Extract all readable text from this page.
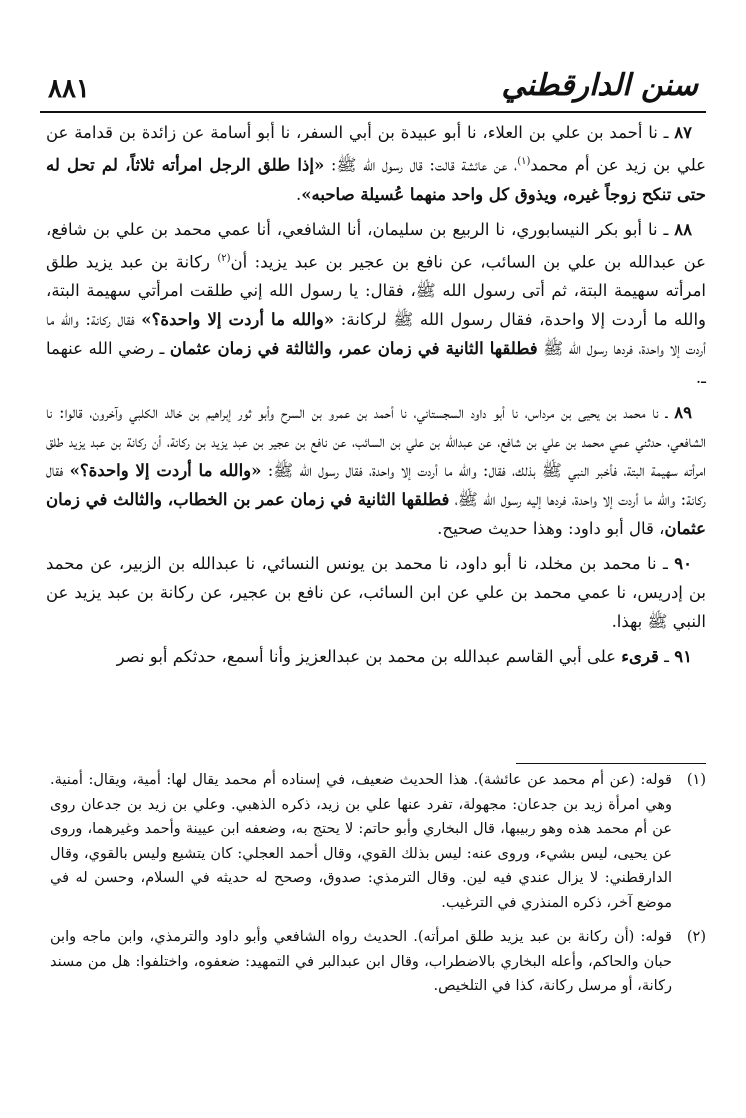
٨٨١	سنن الدارقطني

٨٧ ـ نا أحمد بن علي بن العلاء، نا أبو عبيدة بن أبي السفر، نا أبو أسامة عن زائدة بن قدامة عن علي بن زيد عن أم محمد$^{(١)}$، عن عائشة قالت: قال رسول الله ﷺ: «إذا طلق الرجل امرأته ثلاثاً، لم تحل له حتى تنكح زوجاً غيره، ويذوق كل واحد منهما عُسيلة صاحبه».

٨٨ ـ نا أبو بكر النيسابوري، نا الربيع بن سليمان، أنا الشافعي، أنا عمي محمد بن علي بن شافع، عن عبدالله بن علي بن السائب، عن نافع بن عجير بن عبد يزيد: أن$^{(٢)}$ ركانة بن عبد يزيد طلق امرأته سهيمة البتة، ثم أتى رسول الله ﷺ، فقال: يا رسول الله إني طلقت امرأتي سهيمة البتة، والله ما أردت إلا واحدة، فقال رسول الله ﷺ لركانة: «والله ما أردت إلا واحدة؟» فقال ركانة: والله ما أردت إلا واحدة، فردها رسول الله ﷺ فطلقها الثانية في زمان عمر، والثالثة في زمان عثمان ـ رضي الله عنهما ـ.

٨٩ ـ نا محمد بن يحيى بن مرداس، نا أبو داود السجستاني، نا أحمد بن عمرو بن السرح وأبو ثور إبراهيم بن خالد الكلبي وآخرون، قالوا: نا الشافعي، حدثني عمي محمد بن علي بن شافع، عن عبدالله بن علي بن السائب، عن نافع بن عجير بن عبد يزيد بن ركانة، أن ركانة بن عبد يزيد طلق امرأته سهيمة البتة، فأخبر النبي ﷺ بذلك، فقال: والله ما أردت إلا واحدة، فقال رسول الله ﷺ: «والله ما أردت إلا واحدة؟» فقال ركانة: والله ما أردت إلا واحدة، فردها إليه رسول الله ﷺ، فطلقها الثانية في زمان عمر بن الخطاب، والثالث في زمان عثمان، قال أبو داود: وهذا حديث صحيح.

٩٠ ـ نا محمد بن مخلد، نا أبو داود، نا محمد بن يونس النسائي، نا عبدالله بن الزبير، عن محمد بن إدريس، نا عمي محمد بن علي عن ابن السائب، عن نافع بن عجير، عن ركانة بن عبد يزيد عن النبي ﷺ بهذا.

٩١ ـ قرىء على أبي القاسم عبدالله بن محمد بن عبدالعزيز وأنا أسمع، حدثكم أبو نصر

(١)
قوله: (عن أم محمد عن عائشة). هذا الحديث ضعيف، في إسناده أم محمد يقال لها: أمية، ويقال: أمنية. وهي امرأة زيد بن جدعان: مجهولة، تفرد عنها علي بن زيد، ذكره الذهبي. وعلي بن زيد بن جدعان روى عن أم محمد هذه وهو ربيبها، قال البخاري وأبو حاتم: لا يحتج به، وضعفه ابن عيينة وأحمد وغيرهما، وروى عن يحيى، ليس بشيء، وروى عنه: ليس بذلك القوي، وقال أحمد العجلي: كان يتشيع وليس بالقوي، وقال الدارقطني: لا يزال عندي فيه لين. وقال الترمذي: صدوق، وصحح له حديثه في السلام، وحسن له في موضع آخر، ذكره المنذري في الترغيب.
(٢)
قوله: (أن ركانة بن عبد يزيد طلق امرأته). الحديث رواه الشافعي وأبو داود والترمذي، وابن ماجه وابن حبان والحاكم، وأعله البخاري بالاضطراب، وقال ابن عبدالبر في التمهيد: ضعفوه، واختلفوا: هل من مسند ركانة، أو مرسل ركانة، كذا في التلخيص.
